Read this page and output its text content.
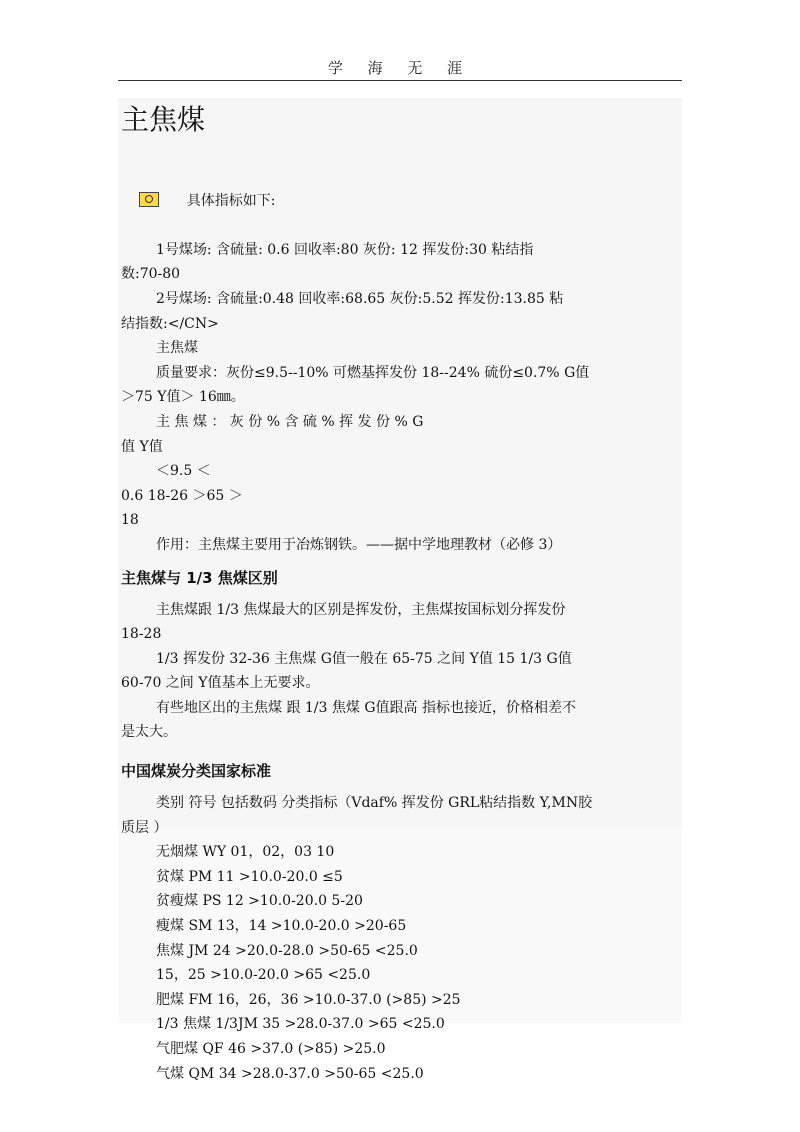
学 海 无 涯
主焦煤

具体指标如下:

1号煤场: 含硫量: 0.6 回收率:80 灰份: 12 挥发份:30 粘结指
数:70-80
2号煤场: 含硫量:0.48 回收率:68.65 灰份:5.52 挥发份:13.85 粘
结指数:</CN>
主焦煤
质量要求：灰份≤9.5--10% 可燃基挥发份 18--24% 硫份≤0.7% G值
＞75 Y值＞ 16㎜。
主 焦 煤 ： 灰 份 % 含 硫 % 挥 发 份 % G
值 Y值
＜9.5 ＜
0.6 18-26 ＞65 ＞
18
作用：主焦煤主要用于冶炼钢铁。——据中学地理教材（必修 3）
主焦煤与 1/3 焦煤区别
主焦煤跟 1/3 焦煤最大的区别是挥发份，主焦煤按国标划分挥发份
18-28
1/3 挥发份 32-36 主焦煤 G值一般在 65-75 之间 Y值 15 1/3 G值
60-70 之间 Y值基本上无要求。
有些地区出的主焦煤 跟 1/3 焦煤 G值跟高 指标也接近，价格相差不
是太大。
中国煤炭分类国家标准
类别 符号 包括数码 分类指标（Vdaf% 挥发份 GRL粘结指数 Y,MN胶
质层 ）
无烟煤 WY 01，02，03 10
贫煤 PM 11 >10.0-20.0 ≤5
贫瘦煤 PS 12 >10.0-20.0 5-20
瘦煤 SM 13，14 >10.0-20.0 >20-65
焦煤 JM 24 >20.0-28.0 >50-65 <25.0
15，25 >10.0-20.0 >65 <25.0
肥煤 FM 16，26，36 >10.0-37.0 (>85) >25
1/3 焦煤 1/3JM 35 >28.0-37.0 >65 <25.0
气肥煤 QF 46 >37.0 (>85) >25.0
气煤 QM 34 >28.0-37.0 >50-65 <25.0
